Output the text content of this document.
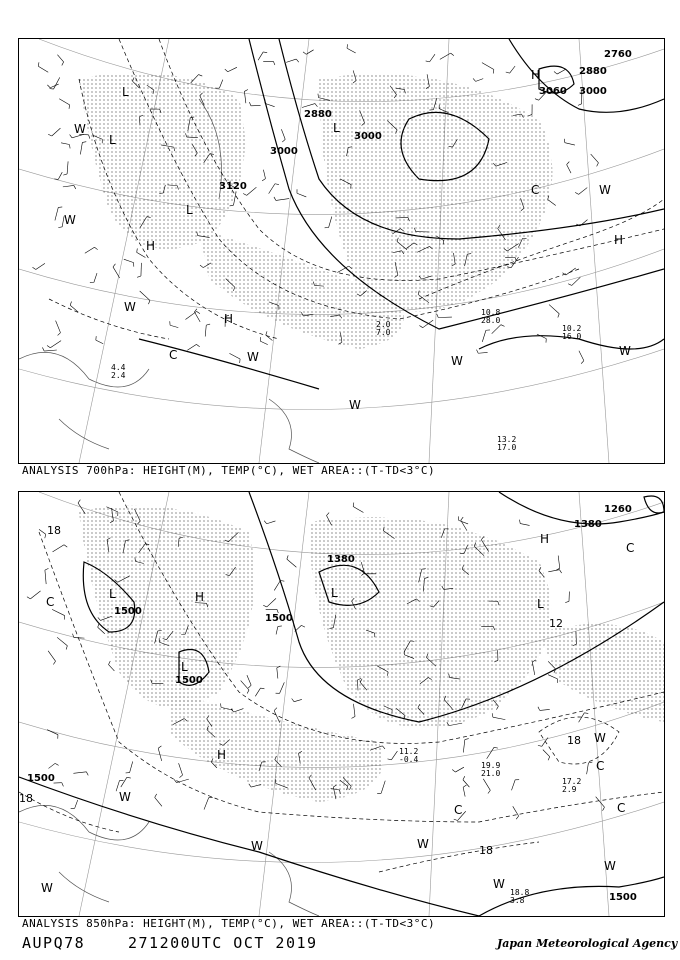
3000
3000
2880
2880
3120
2760
3060 3000
L
L
L
L
H
H
H
H
W
W
W
W
W
W
W
W
C
C
13.2 17.0
10.8 28.0
10.2 16.0
2.0 7.0
4.4 2.4
ANALYSIS 700hPa: HEIGHT(M), TEMP(°C), WET AREA::(T-TD<3°C)
1500
1500
1500
1500
1500
1380
1260
1380
L
L
L
L
H
H
H
W
W	W
W
W
W
W
C
C
C
C
C
18
18
18
18
12
19.9 21.0
17.2 2.9
18.8 3.8
11.2 -0.4
ANALYSIS 850hPa: HEIGHT(M), TEMP(°C), WET AREA::(T-TD<3°C)
AUPQ78	271200UTC OCT 2019	Japan Meteorological Agency
